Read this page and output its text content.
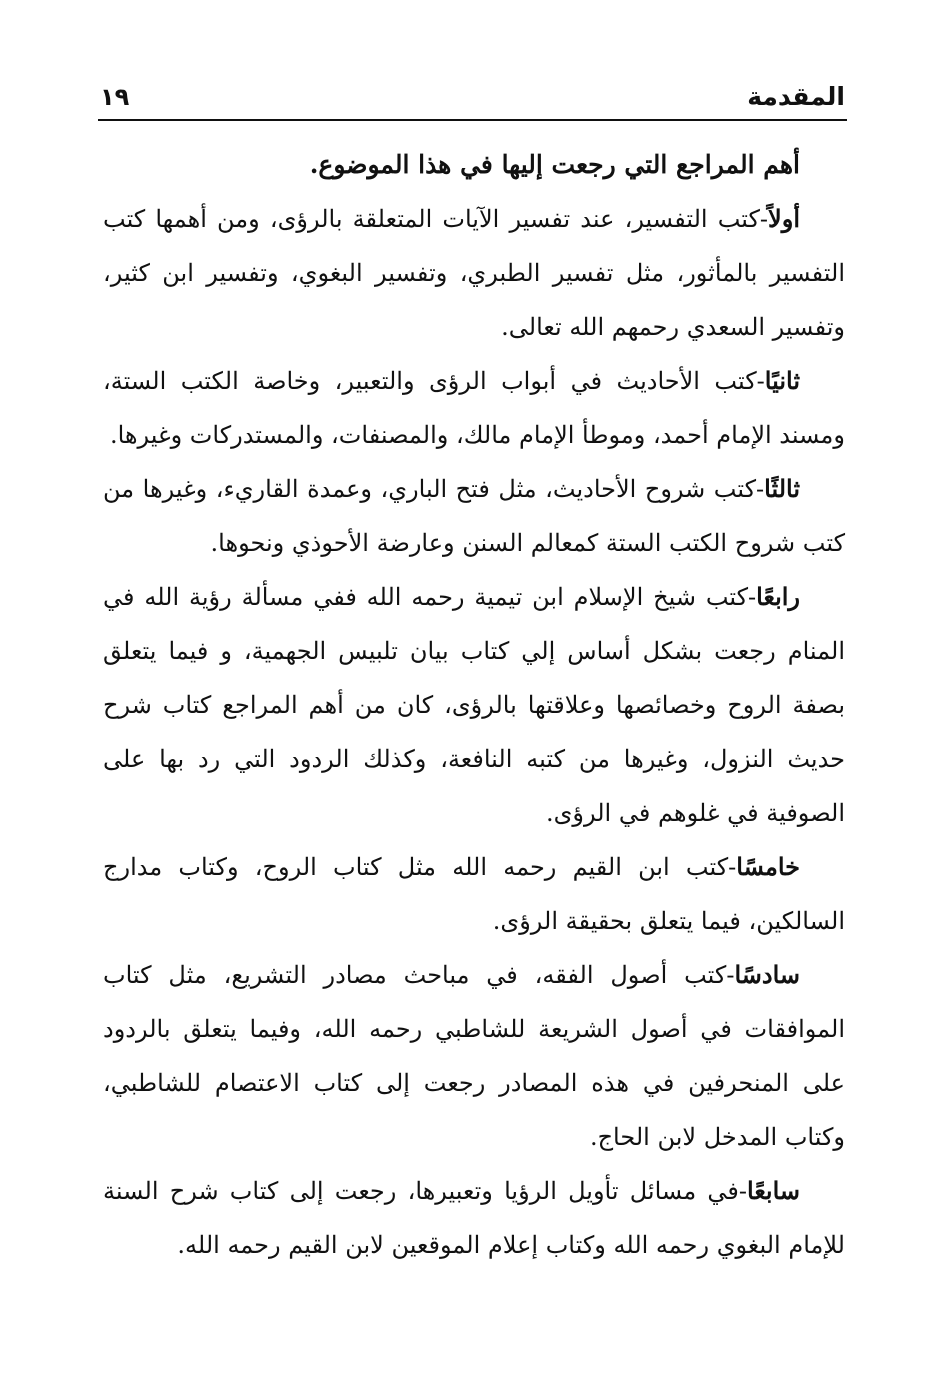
المقدمة
١٩

أهم المراجع التي رجعت إليها في هذا الموضوع.

أولاً-كتب التفسير، عند تفسير الآيات المتعلقة بالرؤى، ومن أهمها كتب التفسير بالمأثور، مثل تفسير الطبري، وتفسير البغوي، وتفسير ابن كثير، وتفسير السعدي رحمهم الله تعالى.

ثانيًا-كتب الأحاديث في أبواب الرؤى والتعبير، وخاصة الكتب الستة، ومسند الإمام أحمد، وموطأ الإمام مالك، والمصنفات، والمستدركات وغيرها.

ثالثًا-كتب شروح الأحاديث، مثل فتح الباري، وعمدة القاريء، وغيرها من كتب شروح الكتب الستة كمعالم السنن وعارضة الأحوذي ونحوها.

رابعًا-كتب شيخ الإسلام ابن تيمية رحمه الله ففي مسألة رؤية الله في المنام رجعت بشكل أساس إلي كتاب بيان تلبيس الجهمية، و فيما يتعلق بصفة الروح وخصائصها وعلاقتها بالرؤى، كان من أهم المراجع كتاب شرح حديث النزول، وغيرها من كتبه النافعة، وكذلك الردود التي رد بها على الصوفية في غلوهم في الرؤى.

خامسًا-كتب ابن القيم رحمه الله مثل كتاب الروح، وكتاب مدارج السالكين، فيما يتعلق بحقيقة الرؤى.

سادسًا-كتب أصول الفقه، في مباحث مصادر التشريع، مثل كتاب الموافقات في أصول الشريعة للشاطبي رحمه الله، وفيما يتعلق بالردود على المنحرفين في هذه المصادر رجعت إلى كتاب الاعتصام للشاطبي، وكتاب المدخل لابن الحاج.

سابعًا-في مسائل تأويل الرؤيا وتعبيرها، رجعت إلى كتاب شرح السنة للإمام البغوي رحمه الله وكتاب إعلام الموقعين لابن القيم رحمه الله.
